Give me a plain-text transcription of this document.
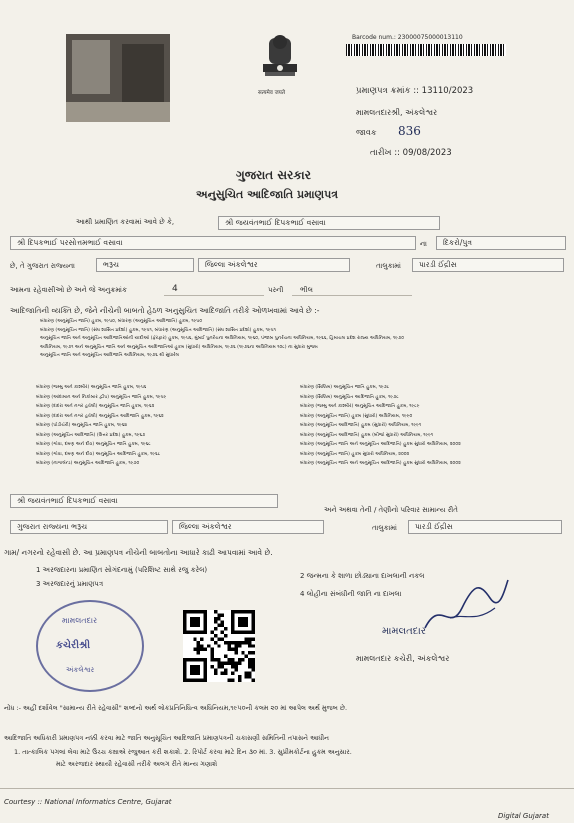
सत्यमेव जयते
Barcode num.: 23000075000013110
પ્રમાણપત્ર ક્રમાંક :: 13110/2023
મામલતદારશ્રી, અંકલેશ્વર
જાવક 836
તારીખ :: 09/08/2023
ગુજરાત સરકાર
અનુસુચિત આદિજાતિ પ્રમાણપત્ર
આથી પ્રમાણિત કરવામાં આવે છે કે,	શ્રી જયવંતભાઈ દિપકભાઈ વસાવા
શ્રી દિપકભાઈ પરસોત્તમભાઈ વસાવા	ના દિકરો/પુત્ર
છે, તે ગુજરાત રાજ્યના	ભરૂચ	જિલ્લા અંકલેશ્વર	તાલુકામાં પારડી ઈંદ્રીસ
આમના રહેવાસીઓ છે અને જે અનુક્રમાંક	4	પરની ભીલ
આદિજાતિની વ્યક્તિ છે, જેને નીચેની બાબતો હેઠળ અનુસુચિત આદિજાતિ તરીકે ઓળખવામાં આવે છે :-
બંધારણ (અનુસૂચિત જાતિ) હુકમ, ૧૯૫૦, બંધારણ (અનુસૂચિત આદિજાતિ) હુકમ, ૧૯૫૦
બંધારણ (અનુસૂચિત જાતિ) (સંઘ શાસિત પ્રદેશો) હુકમ, ૧૯૫૧, બંધારણ (અનુસૂચિત આદિજાતિ) (સંઘ શાસિત પ્રદેશો) હુકમ, ૧૯૫૧
અનુસૂચિત જાતિ અને અનુસૂચિત આદિજાતિઓની યાદીઓ (ફેરફાર) હુકમ, ૧૯૫૬, મુંબઈ પુનર્રચના અધિનિયમ, ૧૯૬૦, પંજાબ પુનર્રચના અધિનિયમ, ૧૯૬૬, હિમાચલ પ્રદેશ રાજ્ય અધિનિયમ, ૧૯૭૦
અધિનિયમ, ૧૯૭૧ અને અનુસૂચિત જાતિ અને અનુસૂચિત આદિજાતિઓ હુકમ (સુધારો) અધિનિયમ, ૧૯૭૬ (૧૯૭૬ના અધિનિયમ ૧૦૮) ના સુધારા મુજબ
અનુસૂચિત જાતિ અને અનુસૂચિત આદિજાતિ અધિનિયમ, ૧૯૭૬ થી સુધારેલ
બંધારણ (જમ્મુ અને કાશ્મીર) અનુસૂચિત જાતિ હુકમ, ૧૯૫૬
બંધારણ (આંદામાન અને નિકોબાર દ્વીપ) અનુસૂચિત જાતિ હુકમ, ૧૯૫૯
બંધારણ (દાદરા અને નગર હવેલી) અનુસૂચિત જાતિ હુકમ, ૧૯૬૨
બંધારણ (દાદરા અને નગર હવેલી) અનુસૂચિત આદિજાતિ હુકમ, ૧૯૬૨
બંધારણ (પોંડીચેરી) અનુસૂચિત જાતિ હુકમ, ૧૯૬૪
બંધારણ (અનુસૂચિત આદિજાતિ) (ઉત્તર પ્રદેશ) હુકમ, ૧૯૬૭
બંધારણ (ગોવા, દમણ અને દીવ) અનુસૂચિત જાતિ હુકમ, ૧૯૬૮
બંધારણ (ગોવા, દમણ અને દીવ) અનુસૂચિત આદિજાતિ હુકમ, ૧૯૬૮
બંધારણ (નાગાલેન્ડ) અનુસૂચિત આદિજાતિ હુકમ, ૧૯૭૦
બંધારણ (સિક્કિમ) અનુસૂચિત જાતિ હુકમ, ૧૯૭૮
બંધારણ (સિક્કિમ) અનુસૂચિત આદિજાતિ હુકમ, ૧૯૭૮
બંધારણ (જમ્મુ અને કાશ્મીર) અનુસૂચિત આદિજાતિ હુકમ, ૧૯૮૯
બંધારણ (અનુસૂચિત જાતિ) હુકમ (સુધારો) અધિનિયમ, ૧૯૯૦
બંધારણ (અનુસૂચિત આદિજાતિ) હુકમ (સુધારો) અધિનિયમ, ૧૯૯૧
બંધારણ (અનુસૂચિત આદિજાતિ) હુકમ (બીજો સુધારો) અધિનિયમ, ૧૯૯૧
બંધારણ (અનુસૂચિત જાતિ અને અનુસૂચિત આદિજાતિ) હુકમ સુધારો અધિનિયમ, ૨૦૦૨
બંધારણ (અનુસૂચિત જાતિ) હુકમ સુધારો અધિનિયમ, ૨૦૦૨
બંધારણ (અનુસૂચિત જાતિ અને અનુસૂચિત આદિજાતિ) હુકમ સુધારો અધિનિયમ, ૨૦૦૨
શ્રી જયવંતભાઈ દિપકભાઈ વસાવા
અને અથવા તેની / તેણીનો પરિવાર સામાન્ય રીતે
ગુજરાત રાજ્યના ભરૂચ	જિલ્લા અંકલેશ્વર	તાલુકામાં પારડી ઈંદ્રીસ
ગામ/ નગરનો રહેવાસી છે. આ પ્રમાણપત્ર નીચેની બાબતોના આધારે કાઢી આપવામાં આવે છે.
1 અરજદારના પ્રમાણિત સોગંદનામું (પરિશિષ્ટ સાથે રજુ કરેલ)
3 અરજદારનું પ્રમાણપત્ર
2 જન્મના કે શાળા છોડ્યાના દાખલાની નકલ
4 લોહીના સંબંધીની જાતિ ના દાખલા
મામલતદાર
કચેરીશ્રી
અંકલેશ્વર
મામલતદાર
મામલતદાર કચેરી, અંકલેશ્વર
નોંધ :- અહીં દર્શાવેલ "સામાન્ય રીતે રહેવાસી" શબ્દનો અર્થ લોકપ્રતિનિધિત્વ અધિનિયમ,૧૯૫૦ની કલમ ૨૦ માં આપેલ અર્થ મુજબ છે.
આદિજાતિ અધિકારી પ્રમાણપત્ર નક્કી કરવા માટે જાતિ અનુસૂચિત આદિજાતિ પ્રમાણપત્રની ચકાસણી સમિતિની તપાસને આધીન
1. તાત્કાલિક પગલાં લેવા માટે ઉચ્ચ કક્ષાએ રજુઆત કરી શકાશે. 2. રિપોર્ટ કરવા માટે દિન ૩૦ માં. 3. સુપ્રીમકોર્ટના હુકમ અનુસાર.
માટે અરજદાર સ્થાયી રહેવાસી તરીકે અલગ રીતે માન્ય ગણાશે
Courtesy :: National Informatics Centre, Gujarat
Digital Gujarat
